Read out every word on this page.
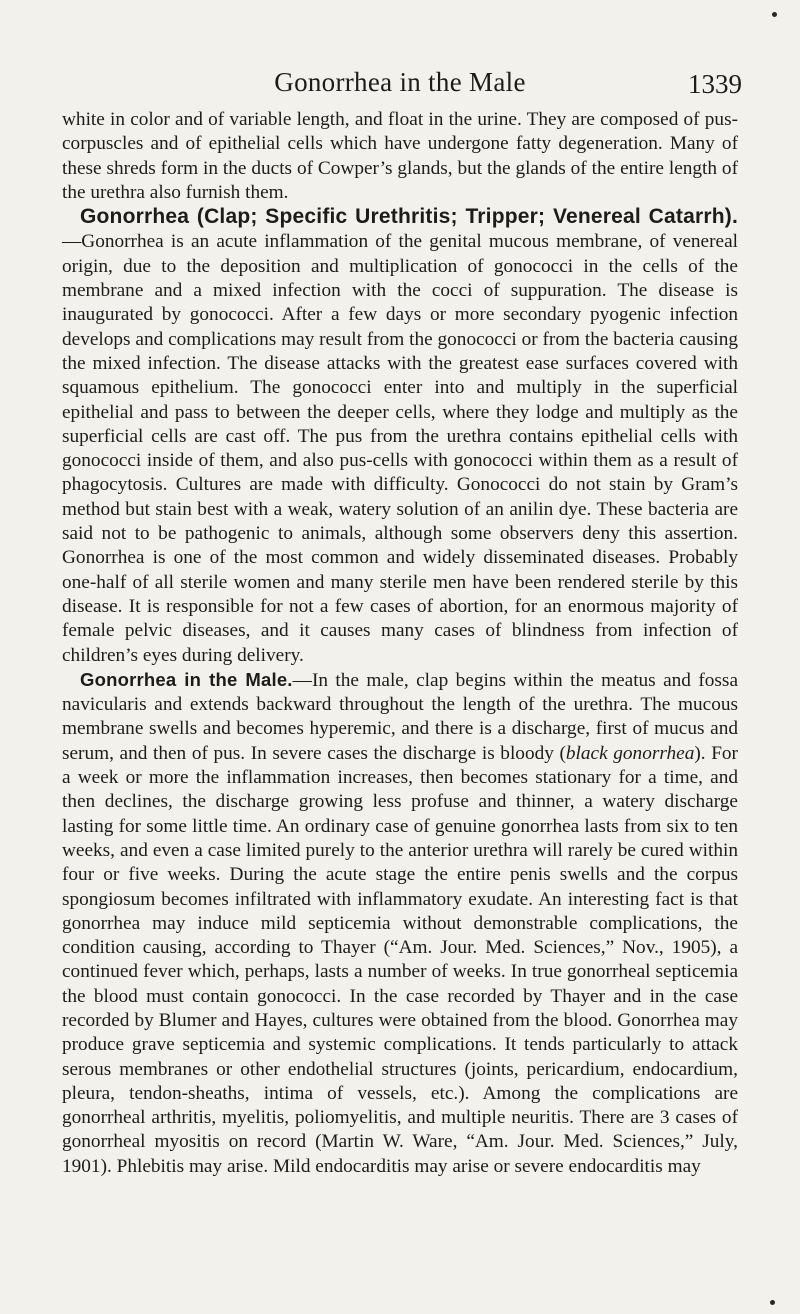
Gonorrhea in the Male	1339

white in color and of variable length, and float in the urine. They are composed of pus-corpuscles and of epithelial cells which have undergone fatty degeneration. Many of these shreds form in the ducts of Cowper’s glands, but the glands of the entire length of the urethra also furnish them.

Gonorrhea (Clap; Specific Urethritis; Tripper; Venereal Catarrh).—Gonorrhea is an acute inflammation of the genital mucous membrane, of venereal origin, due to the deposition and multiplication of gonococci in the cells of the membrane and a mixed infection with the cocci of suppuration. The disease is inaugurated by gonococci. After a few days or more secondary pyogenic infection develops and complications may result from the gonococci or from the bacteria causing the mixed infection. The disease attacks with the greatest ease surfaces covered with squamous epithelium. The gonococci enter into and multiply in the superficial epithelial and pass to between the deeper cells, where they lodge and multiply as the superficial cells are cast off. The pus from the urethra contains epithelial cells with gonococci inside of them, and also pus-cells with gonococci within them as a result of phagocytosis. Cultures are made with difficulty. Gonococci do not stain by Gram’s method but stain best with a weak, watery solution of an anilin dye. These bacteria are said not to be pathogenic to animals, although some observers deny this assertion. Gonorrhea is one of the most common and widely disseminated diseases. Probably one-half of all sterile women and many sterile men have been rendered sterile by this disease. It is responsible for not a few cases of abortion, for an enormous majority of female pelvic diseases, and it causes many cases of blindness from infection of children’s eyes during delivery.

Gonorrhea in the Male.—In the male, clap begins within the meatus and fossa navicularis and extends backward throughout the length of the urethra. The mucous membrane swells and becomes hyperemic, and there is a discharge, first of mucus and serum, and then of pus. In severe cases the discharge is bloody (black gonorrhea). For a week or more the inflammation increases, then becomes stationary for a time, and then declines, the discharge growing less profuse and thinner, a watery discharge lasting for some little time. An ordinary case of genuine gonorrhea lasts from six to ten weeks, and even a case limited purely to the anterior urethra will rarely be cured within four or five weeks. During the acute stage the entire penis swells and the corpus spongiosum becomes infiltrated with inflammatory exudate. An interesting fact is that gonorrhea may induce mild septicemia without demonstrable complications, the condition causing, according to Thayer (“Am. Jour. Med. Sciences,” Nov., 1905), a continued fever which, perhaps, lasts a number of weeks. In true gonorrheal septicemia the blood must contain gonococci. In the case recorded by Thayer and in the case recorded by Blumer and Hayes, cultures were obtained from the blood. Gonorrhea may produce grave septicemia and systemic complications. It tends particularly to attack serous membranes or other endothelial structures (joints, pericardium, endocardium, pleura, tendon-sheaths, intima of vessels, etc.). Among the complications are gonorrheal arthritis, myelitis, poliomyelitis, and multiple neuritis. There are 3 cases of gonorrheal myositis on record (Martin W. Ware, “Am. Jour. Med. Sciences,” July, 1901). Phlebitis may arise. Mild endocarditis may arise or severe endocarditis may
